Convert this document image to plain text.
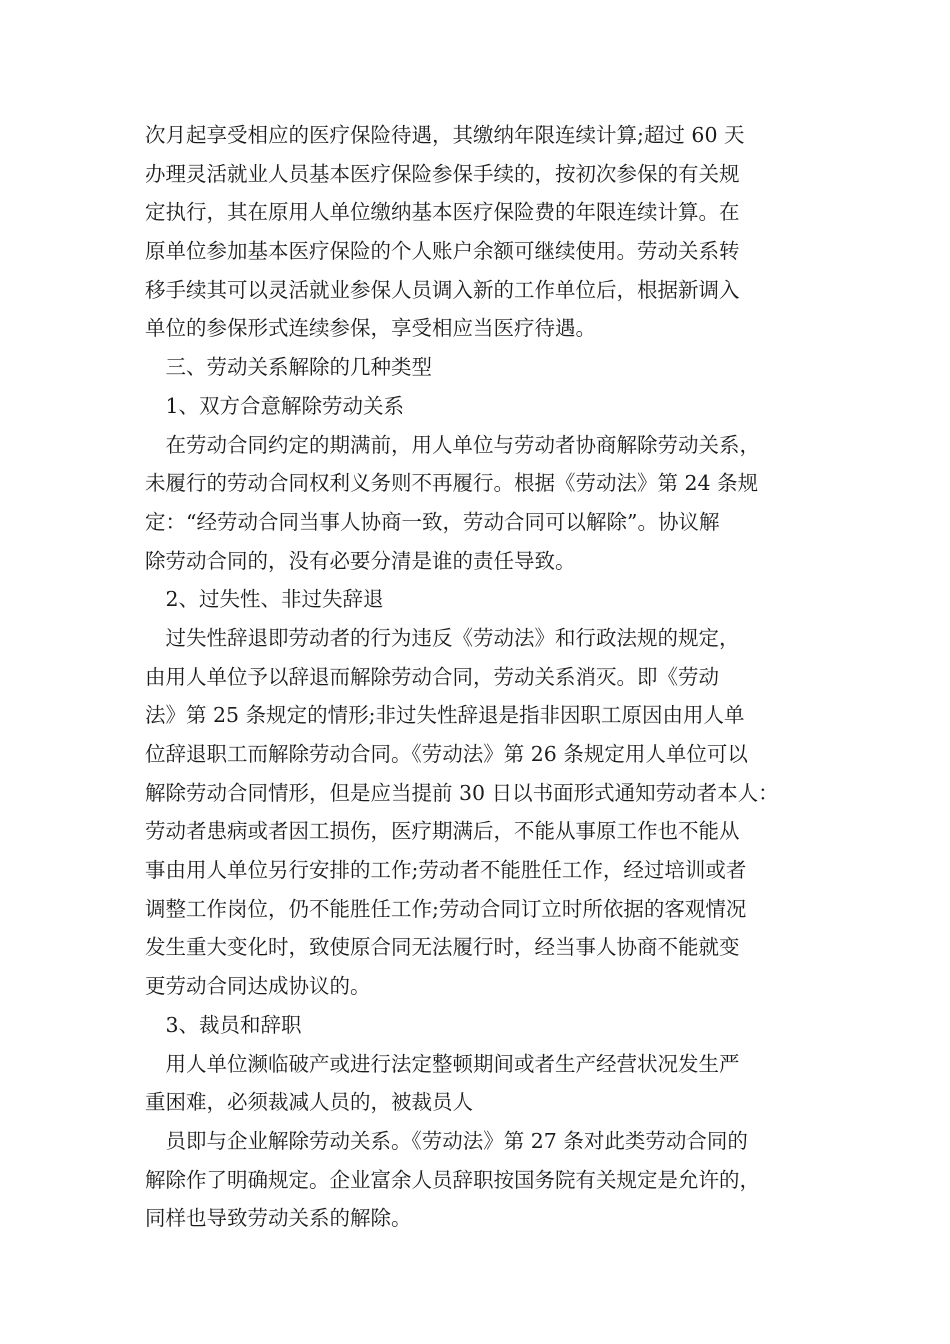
次月起享受相应的医疗保险待遇，其缴纳年限连续计算;超过 60 天
办理灵活就业人员基本医疗保险参保手续的，按初次参保的有关规
定执行，其在原用人单位缴纳基本医疗保险费的年限连续计算。在
原单位参加基本医疗保险的个人账户余额可继续使用。劳动关系转
移手续其可以灵活就业参保人员调入新的工作单位后，根据新调入
单位的参保形式连续参保，享受相应当医疗待遇。
　三、劳动关系解除的几种类型
　1、双方合意解除劳动关系
　在劳动合同约定的期满前，用人单位与劳动者协商解除劳动关系，
未履行的劳动合同权利义务则不再履行。根据《劳动法》第 24 条规
定：“经劳动合同当事人协商一致，劳动合同可以解除”。协议解
除劳动合同的，没有必要分清是谁的责任导致。
　2、过失性、非过失辞退
　过失性辞退即劳动者的行为违反《劳动法》和行政法规的规定，
由用人单位予以辞退而解除劳动合同，劳动关系消灭。即《劳动
法》第 25 条规定的情形;非过失性辞退是指非因职工原因由用人单
位辞退职工而解除劳动合同。《劳动法》第 26 条规定用人单位可以
解除劳动合同情形，但是应当提前 30 日以书面形式通知劳动者本人：
劳动者患病或者因工损伤，医疗期满后，不能从事原工作也不能从
事由用人单位另行安排的工作;劳动者不能胜任工作，经过培训或者
调整工作岗位，仍不能胜任工作;劳动合同订立时所依据的客观情况
发生重大变化时，致使原合同无法履行时，经当事人协商不能就变
更劳动合同达成协议的。
　3、裁员和辞职
　用人单位濒临破产或进行法定整顿期间或者生产经营状况发生严
重困难，必须裁减人员的，被裁员人
　员即与企业解除劳动关系。《劳动法》第 27 条对此类劳动合同的
解除作了明确规定。企业富余人员辞职按国务院有关规定是允许的，
同样也导致劳动关系的解除。
